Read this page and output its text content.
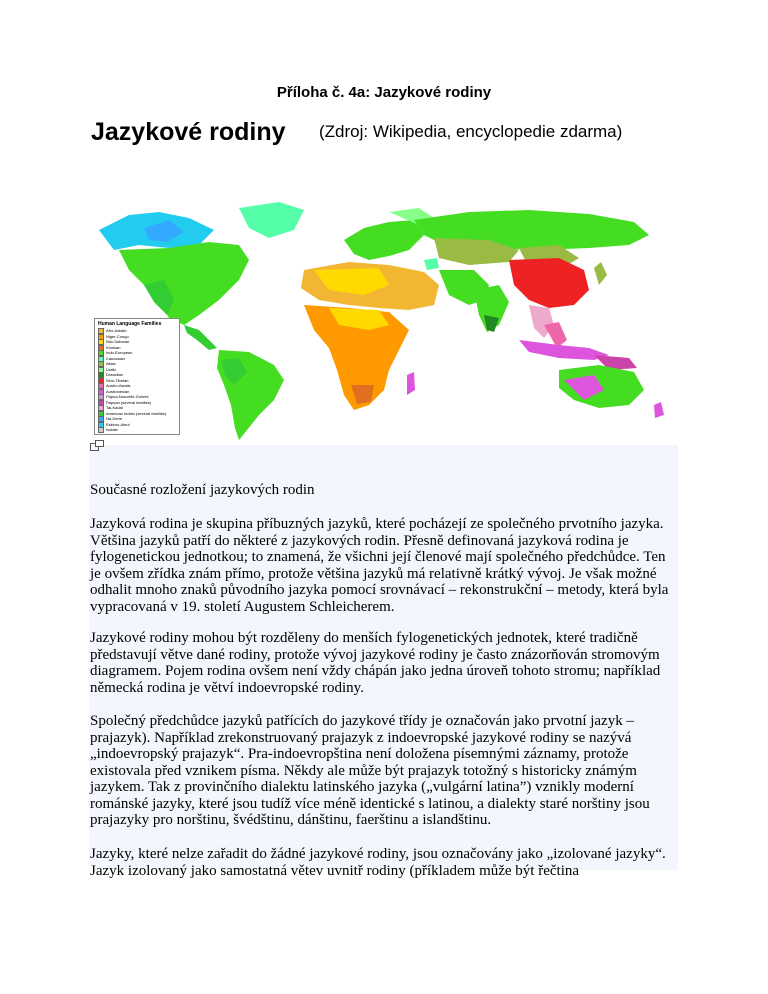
Příloha č. 4a: Jazykové rodiny
Jazykové rodiny (Zdroj: Wikipedia, encyclopedie zdarma)
Human Language Families
Afro-Asiatic
Niger-Congo
Nilo-Saharan
Khoisan
Indo-European
Caucasian
Altaic
Uralic
Dravidian
Sino-Tibetan
Austro-Asiatic
Austronesian
Papua-Nouvelle-Guinée
Papuan (several families)
Tai-Kadai
American Indian (several families)
Na-Dene
Eskimo-Aleut
Isolate
Současné rozložení jazykových rodin

Jazyková rodina je skupina příbuzných jazyků, které pocházejí ze společného prvotního jazyka. Většina jazyků patří do některé z jazykových rodin. Přesně definovaná jazyková rodina je fylogenetickou jednotkou; to znamená, že všichni její členové mají společného předchůdce. Ten je ovšem zřídka znám přímo, protože většina jazyků má relativně krátký vývoj. Je však možné odhalit mnoho znaků původního jazyka pomocí srovnávací – rekonstrukční – metody, která byla vypracovaná v 19. století Augustem Schleicherem.

Jazykové rodiny mohou být rozděleny do menších fylogenetických jednotek, které tradičně představují větve dané rodiny, protože vývoj jazykové rodiny je často znázorňován stromovým diagramem. Pojem rodina ovšem není vždy chápán jako jedna úroveň tohoto stromu; například německá rodina je větví indoevropské rodiny.

Společný předchůdce jazyků patřících do jazykové třídy je označován jako prvotní jazyk – prajazyk). Například zrekonstruovaný prajazyk z indoevropské jazykové rodiny se nazývá „indoevropský prajazyk“. Pra-indoevropština není doložena písemnými záznamy, protože existovala před vznikem písma. Někdy ale může být prajazyk totožný s historicky známým jazykem. Tak z provinčního dialektu latinského jazyka („vulgární latina”) vznikly moderní románské jazyky, které jsou tudíž více méně identické s latinou, a dialekty staré norštiny jsou prajazyky pro norštinu, švédštinu, dánštinu, faerštinu a islandštinu.

Jazyky, které nelze zařadit do žádné jazykové rodiny, jsou označovány jako „izolované jazyky“. Jazyk izolovaný jako samostatná větev uvnitř rodiny (příkladem může být řečtina
